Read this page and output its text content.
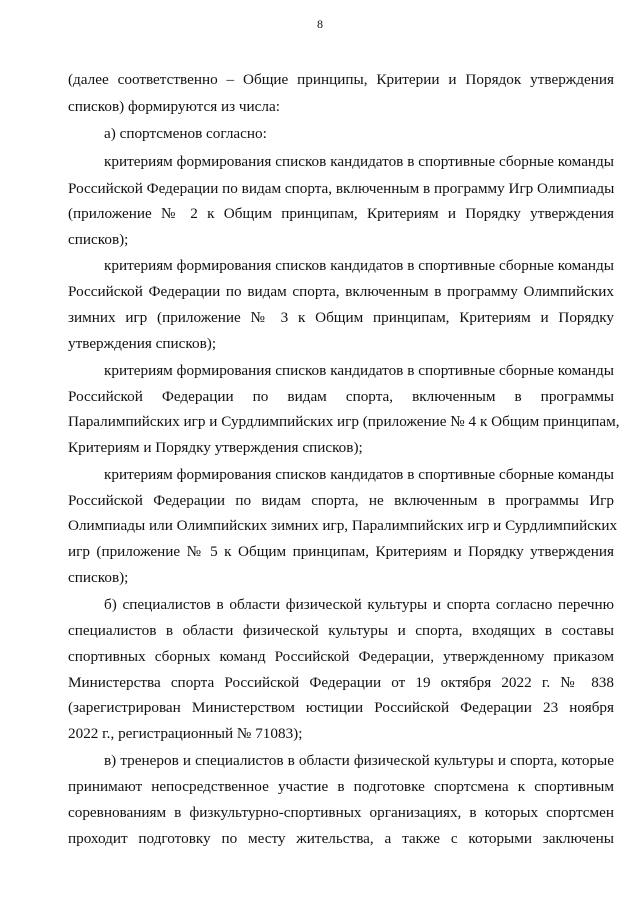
8
(далее соответственно – Общие принципы, Критерии и Порядок утверждения
списков) формируются из числа:
а) спортсменов согласно:
критериям формирования списков кандидатов в спортивные сборные команды
Российской Федерации по видам спорта, включенным в программу Игр Олимпиады
(приложение № 2 к Общим принципам, Критериям и Порядку утверждения
списков);
критериям формирования списков кандидатов в спортивные сборные команды
Российской Федерации по видам спорта, включенным в программу Олимпийских
зимних игр (приложение № 3 к Общим принципам, Критериям и Порядку
утверждения списков);
критериям формирования списков кандидатов в спортивные сборные команды
Российской Федерации по видам спорта, включенным в программы
Паралимпийских игр и Сурдлимпийских игр (приложение № 4 к Общим принципам,
Критериям и Порядку утверждения списков);
критериям формирования списков кандидатов в спортивные сборные команды
Российской Федерации по видам спорта, не включенным в программы Игр
Олимпиады или Олимпийских зимних игр, Паралимпийских игр и Сурдлимпийских
игр (приложение № 5 к Общим принципам, Критериям и Порядку утверждения
списков);
б) специалистов в области физической культуры и спорта согласно перечню
специалистов в области физической культуры и спорта, входящих в составы
спортивных сборных команд Российской Федерации, утвержденному приказом
Министерства спорта Российской Федерации от 19 октября 2022 г. № 838
(зарегистрирован Министерством юстиции Российской Федерации 23 ноября
2022 г., регистрационный № 71083);
в) тренеров и специалистов в области физической культуры и спорта, которые
принимают непосредственное участие в подготовке спортсмена к спортивным
соревнованиям в физкультурно-спортивных организациях, в которых спортсмен
проходит подготовку по месту жительства, а также с которыми заключены
